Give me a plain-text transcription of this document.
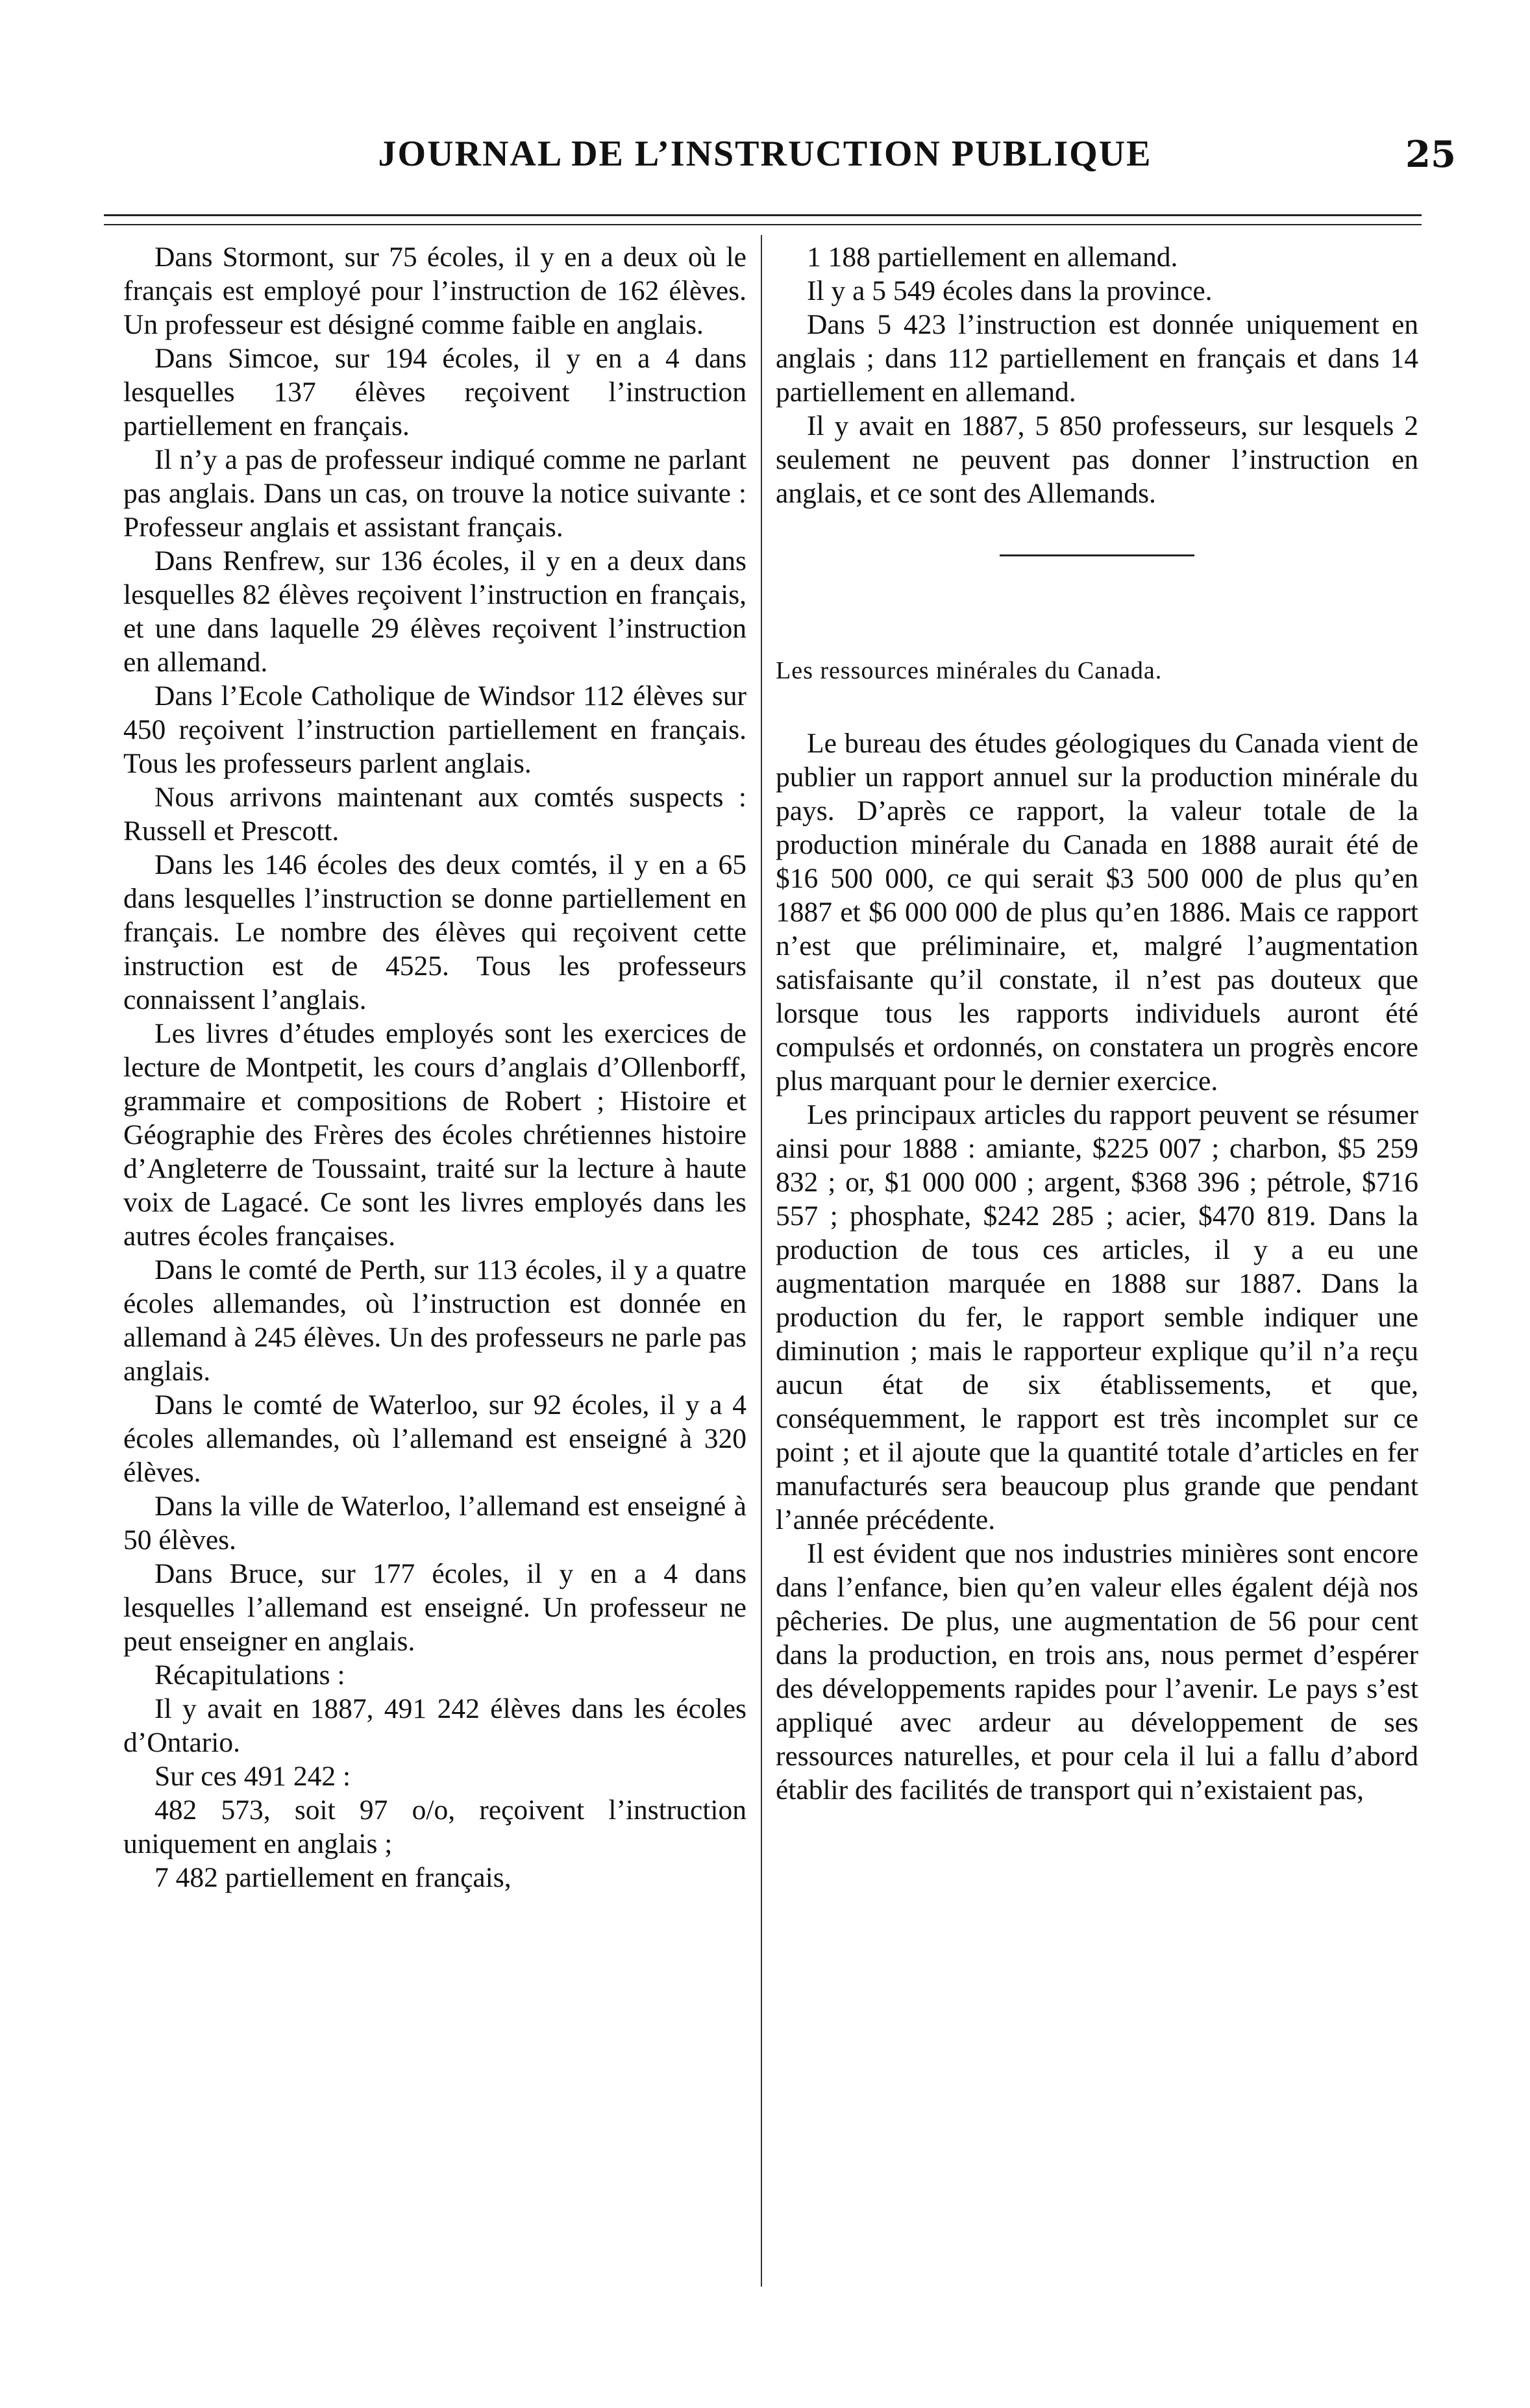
JOURNAL DE L’INSTRUCTION PUBLIQUE	25

Dans Stormont, sur 75 écoles, il y en a deux où le français est employé pour l’instruction de 162 élèves. Un professeur est désigné comme faible en anglais.

Dans Simcoe, sur 194 écoles, il y en a 4 dans lesquelles 137 élèves reçoivent l’instruction partiellement en français.

Il n’y a pas de professeur indiqué comme ne parlant pas anglais. Dans un cas, on trouve la notice suivante : Professeur anglais et assistant français.

Dans Renfrew, sur 136 écoles, il y en a deux dans lesquelles 82 élèves reçoivent l’instruction en français, et une dans laquelle 29 élèves reçoivent l’instruction en allemand.

Dans l’Ecole Catholique de Windsor 112 élèves sur 450 reçoivent l’instruction partiellement en français. Tous les professeurs parlent anglais.

Nous arrivons maintenant aux comtés suspects : Russell et Prescott.

Dans les 146 écoles des deux comtés, il y en a 65 dans lesquelles l’instruction se donne partiellement en français. Le nombre des élèves qui reçoivent cette instruction est de 4525. Tous les professeurs connaissent l’anglais.

Les livres d’études employés sont les exercices de lecture de Montpetit, les cours d’anglais d’Ollenborff, grammaire et compositions de Robert ; Histoire et Géographie des Frères des écoles chrétiennes histoire d’Angleterre de Toussaint, traité sur la lecture à haute voix de Lagacé. Ce sont les livres employés dans les autres écoles françaises.

Dans le comté de Perth, sur 113 écoles, il y a quatre écoles allemandes, où l’instruction est donnée en allemand à 245 élèves. Un des professeurs ne parle pas anglais.

Dans le comté de Waterloo, sur 92 écoles, il y a 4 écoles allemandes, où l’allemand est enseigné à 320 élèves.

Dans la ville de Waterloo, l’allemand est enseigné à 50 élèves.

Dans Bruce, sur 177 écoles, il y en a 4 dans lesquelles l’allemand est enseigné. Un professeur ne peut enseigner en anglais.

Récapitulations :

Il y avait en 1887, 491 242 élèves dans les écoles d’Ontario.

Sur ces 491 242 :

482 573, soit 97 o/o, reçoivent l’instruction uniquement en anglais ;

7 482 partiellement en français,

1 188 partiellement en allemand.

Il y a 5 549 écoles dans la province.

Dans 5 423 l’instruction est donnée uniquement en anglais ; dans 112 partiellement en français et dans 14 partiellement en allemand.

Il y avait en 1887, 5 850 professeurs, sur lesquels 2 seulement ne peuvent pas donner l’instruction en anglais, et ce sont des Allemands.

Les ressources minérales du Canada.

Le bureau des études géologiques du Canada vient de publier un rapport annuel sur la production minérale du pays. D’après ce rapport, la valeur totale de la production minérale du Canada en 1888 aurait été de $16 500 000, ce qui serait $3 500 000 de plus qu’en 1887 et $6 000 000 de plus qu’en 1886. Mais ce rapport n’est que préliminaire, et, malgré l’augmentation satisfaisante qu’il constate, il n’est pas douteux que lorsque tous les rapports individuels auront été compulsés et ordonnés, on constatera un progrès encore plus marquant pour le dernier exercice.

Les principaux articles du rapport peuvent se résumer ainsi pour 1888 : amiante, $225 007 ; charbon, $5 259 832 ; or, $1 000 000 ; argent, $368 396 ; pétrole, $716 557 ; phosphate, $242 285 ; acier, $470 819. Dans la production de tous ces articles, il y a eu une augmentation marquée en 1888 sur 1887. Dans la production du fer, le rapport semble indiquer une diminution ; mais le rapporteur explique qu’il n’a reçu aucun état de six établissements, et que, conséquemment, le rapport est très incomplet sur ce point ; et il ajoute que la quantité totale d’articles en fer manufacturés sera beaucoup plus grande que pendant l’année précédente.

Il est évident que nos industries minières sont encore dans l’enfance, bien qu’en valeur elles égalent déjà nos pêcheries. De plus, une augmentation de 56 pour cent dans la production, en trois ans, nous permet d’espérer des développements rapides pour l’avenir. Le pays s’est appliqué avec ardeur au développement de ses ressources naturelles, et pour cela il lui a fallu d’abord établir des facilités de transport qui n’existaient pas,
